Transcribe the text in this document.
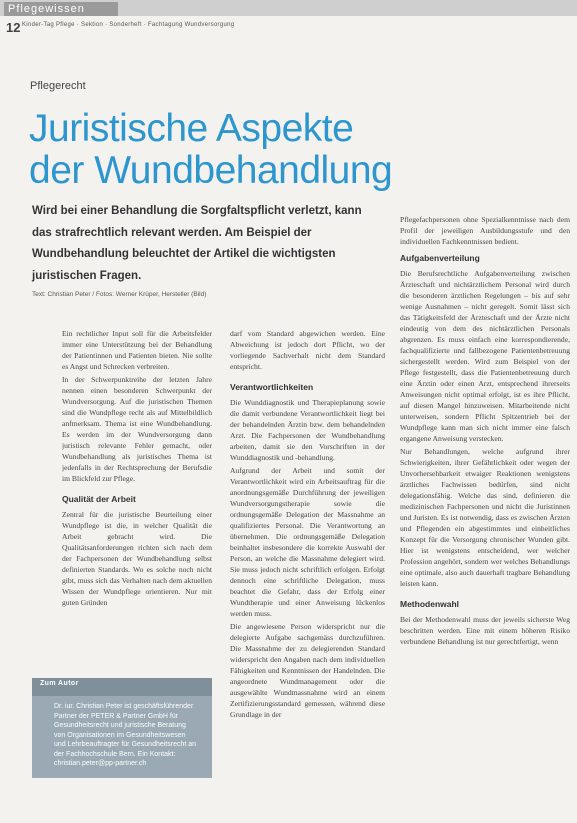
Pflegewissen
12 Kinder-Tag Pflege · Sektion · Sonderheft · Fachtagung Wundversorgung
Pflegerecht
Juristische Aspekte
der Wundbehandlung

Wird bei einer Behandlung die Sorgfaltspflicht verletzt, kann das strafrechtlich relevant werden. Am Beispiel der Wundbehandlung beleuchtet der Artikel die wichtigsten juristischen Fragen.

Text: Christian Peter / Fotos: Werner Krüper, Hersteller (Bild)

Ein rechtlicher Input soll für die Arbeitsfelder immer eine Unterstützung bei der Behandlung der Patientinnen und Patienten bieten. Nie sollte es Angst und Schrecken verbreiten.

In der Schwerpunktreihe der letzten Jahre nennen einen besonderen Schwerpunkt der Wundversorgung. Auf die juristischen Themen sind die Wundpflege recht als auf Mittelbildlich anfmerksam. Thema ist eine Wundbehandlung. Es werden im der Wundversorgung dann juristisch relevante Fehler gemacht, oder Wundbehandlung als juristisches Thema ist jedenfalls in der Rechtsprechung der Berufsdie im Blickfeld zur Pflege.

Qualität der Arbeit

Zentral für die juristische Beurteilung einer Wundpflege ist die, in welcher Qualität die Arbeit gebracht wird. Die Qualitätsanforderungen richten sich nach dem der Fachpersonen der Wundbehandlung selbst definierten Standards. Wo es solche noch nicht gibt, muss sich das Verhalten nach dem aktuellen Wissen der Wundpflege orientieren. Nur mit guten Gründen

darf vom Standard abgewichen werden. Eine Abweichung ist jedoch dort Pflicht, wo der vorliegende Sachverhalt nicht dem Standard entspricht.

Verantwortlichkeiten

Die Wunddiagnostik und Therapieplanung sowie die damit verbundene Verantwortlichkeit liegt bei der behandelnden Ärztin bzw. dem behandelnden Arzt. Die Fachpersonen der Wundbehandlung arbeiten, damit sie den Vorschriften in der Wunddiagnostik und -behandlung.

Aufgrund der Arbeit und somit der Verantwortlichkeit wird ein Arbeitsauftrag für die anordnungsgemäße Durchführung der jeweiligen Wundversorgungstherapie sowie die ordnungsgemäße Delegation der Massnahme an qualifiziertes Personal. Die Verantwortung an übernehmen. Die ordnungsgemäße Delegation beinhaltet insbesondere die korrekte Auswahl der Person, an welche die Massnahme delegiert wird. Sie muss jedoch nicht schriftlich erfolgen. Erfolgt dennoch eine schriftliche Delegation, muss beachtet die Gefahr, dass der Erfolg einer Wundtherapie und einer Anweisung lückenlos werden muss.

Die angewiesene Person widerspricht nur die delegierte Aufgabe sachgemäss durchzuführen. Die Massnahme der zu delegierenden Standard widerspricht den Angaben nach dem individuellen Fähigkeiten und Kenntnissen der Handelnden. Die angeordnete Wundmanagement oder die ausgewählte Wundmassnahme wird an einem Zertifizierungsstandard gemessen, während diese Grundlage in der

Pflegefachpersonen ohne Spezialkenntnisse nach dem Profil der jeweiligen Ausbildungsstufe und den individuellen Fachkenntnissen bedient.

Aufgabenverteilung

Die Berufsrechtliche Aufgabenverteilung zwischen Ärzteschaft und nichtärztlichem Personal wird durch die besonderen ärztlichen Regelungen – bis auf sehr wenige Ausnahmen – nicht geregelt. Somit lässt sich das Tätigkeitsfeld der Ärzteschaft und der Ärzte nicht eindeutig von dem des nichtärztlichen Personals abgrenzen. Es muss einfach eine korrespondierende, fachqualifizierte und fallbezogene Patientenbetreuung sichergestellt werden. Wird zum Beispiel von der Pflege festgestellt, dass die Patientenbetreuung durch eine Ärztin oder einen Arzt, entsprechend ihrerseits Anweisungen nicht optimal erfolgt, ist es ihre Pflicht, auf diesen Mangel hinzuweisen. Mitarbeitende nicht unterweisen, sondern Pflicht Spitzentrieb bei der Wundpflege kann man sich nicht immer eine falsch ergangene Anweisung verstecken.

Nur Behandlungen, welche aufgrund ihrer Schwierigkeiten, ihrer Gefährlichkeit oder wegen der Unvorhersehbarkeit etwaiger Reaktionen wenigstens ärztliches Fachwissen bedürfen, sind nicht delegationsfähig. Welche das sind, definieren die medizinischen Fachpersonen und nicht die Juristinnen und Juristen. Es ist notwendig, dass es zwischen Ärzten und Pflegenden ein abgestimmtes und einheitliches Konzept für die Versorgung chronischer Wunden gibt. Hier ist wenigstens entscheidend, wer welcher Profession angehört, sondern wer welches Behandlungs eine optimale, also auch dauerhaft tragbare Behandlung leisten kann.

Methodenwahl

Bei der Methodenwahl muss der jeweils sicherste Weg beschritten werden. Eine mit einem höheren Risiko verbundene Behandlung ist nur gerechtfertigt, wenn

Zum Autor
Dr. iur. Christian Peter ist geschäftsführender Partner der PETER & Partner GmbH für Gesundheitsrecht und juristische Beratung von Organisationen im Gesundheitswesen und Lehrbeauftragter für Gesundheitsrecht an der Fachhochschule Bern. Ein Kontakt: christian.peter@pp-partner.ch
